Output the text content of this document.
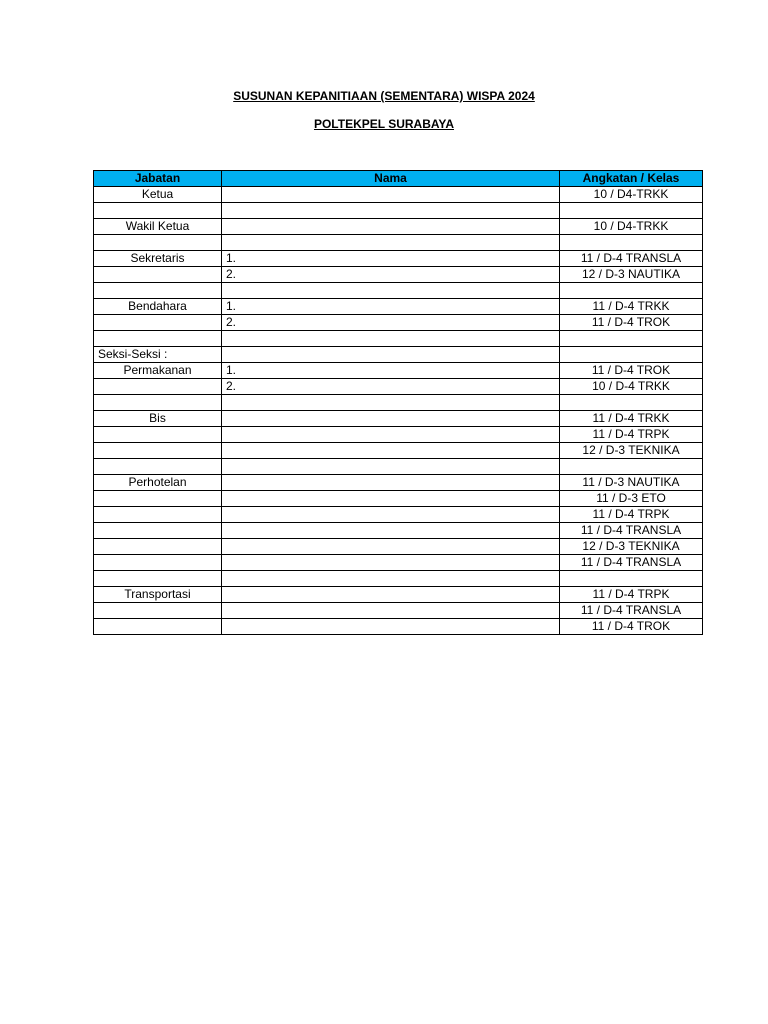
SUSUNAN KEPANITIAAN (SEMENTARA) WISPA 2024
POLTEKPEL SURABAYA
Jabatan	Nama	Angkatan / Kelas
Ketua		10 / D4-TRKK

Wakil Ketua		10 / D4-TRKK

Sekretaris	1.	11 / D-4 TRANSLA
	2.	12 / D-3 NAUTIKA

Bendahara	1.	11 / D-4 TRKK
	2.	11 / D-4 TROK

Seksi-Seksi :		
Permakanan	1.	11 / D-4 TROK
	2.	10 / D-4 TRKK

Bis		11 / D-4 TRKK
		11 / D-4 TRPK
		12 / D-3 TEKNIKA

Perhotelan		11 / D-3 NAUTIKA
		11 / D-3 ETO
		11 / D-4 TRPK
		11 / D-4 TRANSLA
		12 / D-3 TEKNIKA
		11 / D-4 TRANSLA

Transportasi		11 / D-4 TRPK
		11 / D-4 TRANSLA
		11 / D-4 TROK
